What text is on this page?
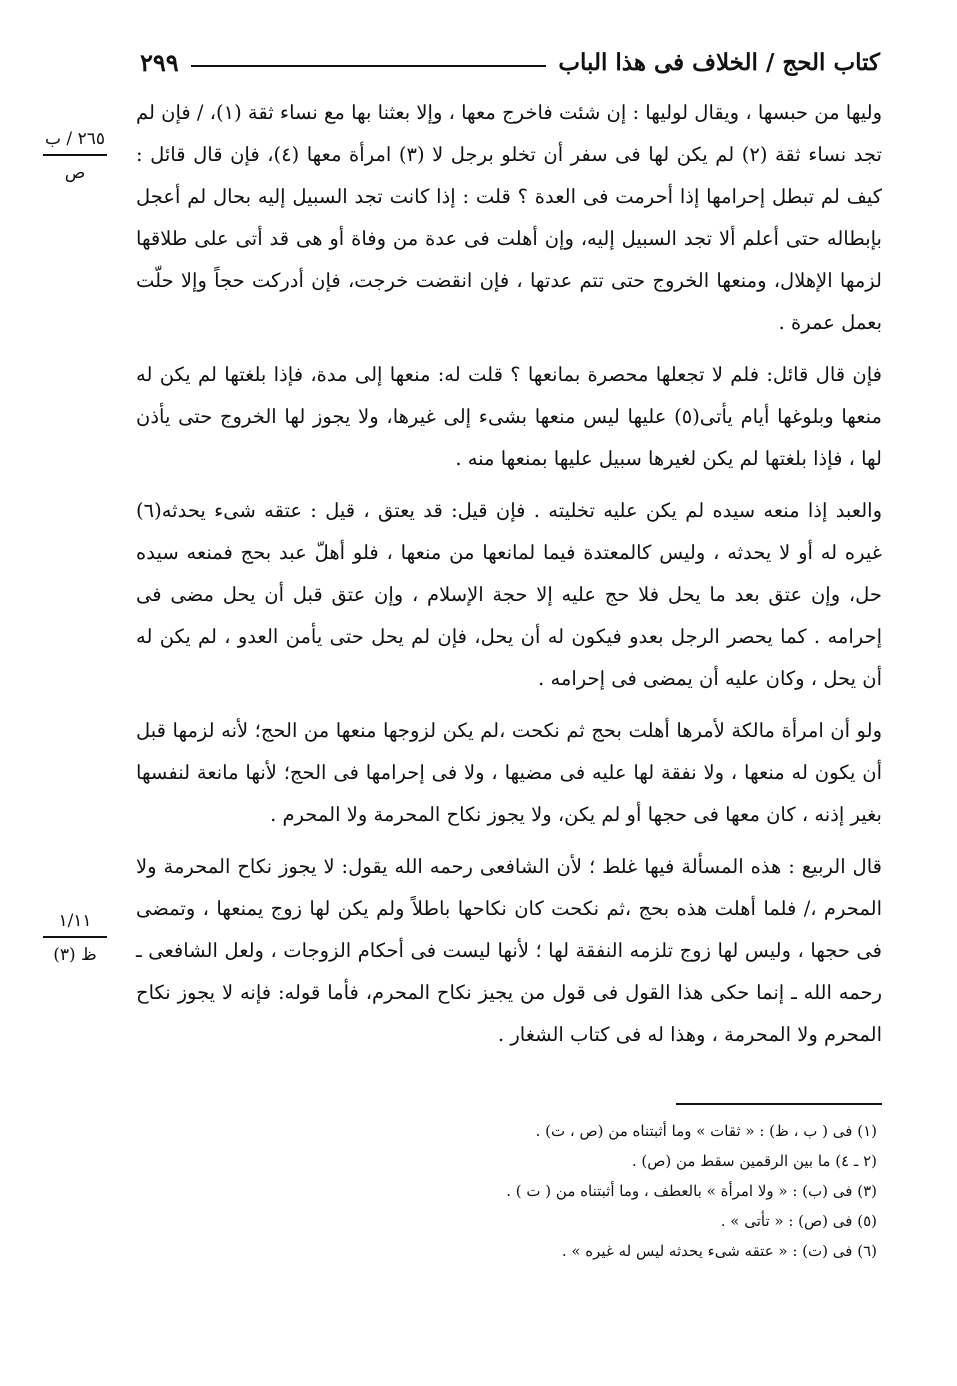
كتاب الحج / الخلاف فى هذا الباب
٢٩٩
٢٦٥ / ب
ص
١/١١
ظ (٣)

وليها من حبسها ، ويقال لوليها : إن شئت فاخرج معها ، وإلا بعثنا بها مع نساء ثقة (١)، / فإن لم تجد نساء ثقة (٢) لم يكن لها فى سفر أن تخلو برجل لا (٣) امرأة معها (٤)، فإن قال قائل : كيف لم تبطل إحرامها إذا أحرمت فى العدة ؟ قلت : إذا كانت تجد السبيل إليه بحال لم أعجل بإبطاله حتى أعلم ألا تجد السبيل إليه، وإن أهلت فى عدة من وفاة أو هى قد أتى على طلاقها لزمها الإهلال، ومنعها الخروج حتى تتم عدتها ، فإن انقضت خرجت، فإن أدركت حجاً وإلا حلّت بعمل عمرة .

فإن قال قائل: فلم لا تجعلها محصرة بمانعها ؟ قلت له: منعها إلى مدة، فإذا بلغتها لم يكن له منعها وبلوغها أيام يأتى(٥) عليها ليس منعها بشىء إلى غيرها، ولا يجوز لها الخروج حتى يأذن لها ، فإذا بلغتها لم يكن لغيرها سبيل عليها بمنعها منه .

والعبد إذا منعه سيده لم يكن عليه تخليته . فإن قيل: قد يعتق ، قيل : عتقه شىء يحدثه(٦) غيره له أو لا يحدثه ، وليس كالمعتدة فيما لمانعها من منعها ، فلو أهلّ عبد بحج فمنعه سيده حل، وإن عتق بعد ما يحل فلا حج عليه إلا حجة الإسلام ، وإن عتق قبل أن يحل مضى فى إحرامه . كما يحصر الرجل بعدو فيكون له أن يحل، فإن لم يحل حتى يأمن العدو ، لم يكن له أن يحل ، وكان عليه أن يمضى فى إحرامه .

ولو أن امرأة مالكة لأمرها أهلت بحج ثم نكحت ،لم يكن لزوجها منعها من الحج؛ لأنه لزمها قبل أن يكون له منعها ، ولا نفقة لها عليه فى مضيها ، ولا فى إحرامها فى الحج؛ لأنها مانعة لنفسها بغير إذنه ، كان معها فى حجها أو لم يكن، ولا يجوز نكاح المحرمة ولا المحرم .

قال الربيع : هذه المسألة فيها غلط ؛ لأن الشافعى رحمه الله يقول: لا يجوز نكاح المحرمة ولا المحرم ،/ فلما أهلت هذه بحج ،ثم نكحت كان نكاحها باطلاً ولم يكن لها زوج يمنعها ، وتمضى فى حجها ، وليس لها زوج تلزمه النفقة لها ؛ لأنها ليست فى أحكام الزوجات ، ولعل الشافعى ـ رحمه الله ـ إنما حكى هذا القول فى قول من يجيز نكاح المحرم، فأما قوله: فإنه لا يجوز نكاح المحرم ولا المحرمة ، وهذا له فى كتاب الشغار .

(١) فى ( ب ، ظ) : « ثقات » وما أثبتناه من (ص ، ت) .

(٢ ـ ٤) ما بين الرقمين سقط من (ص) .

(٣) فى (ب) : « ولا امرأة » بالعطف ، وما أثبتناه من ( ت ) .

(٥) فى (ص) : « تأتى » .

(٦) فى (ت) : « عتقه شىء يحدثه ليس له غيره » .
